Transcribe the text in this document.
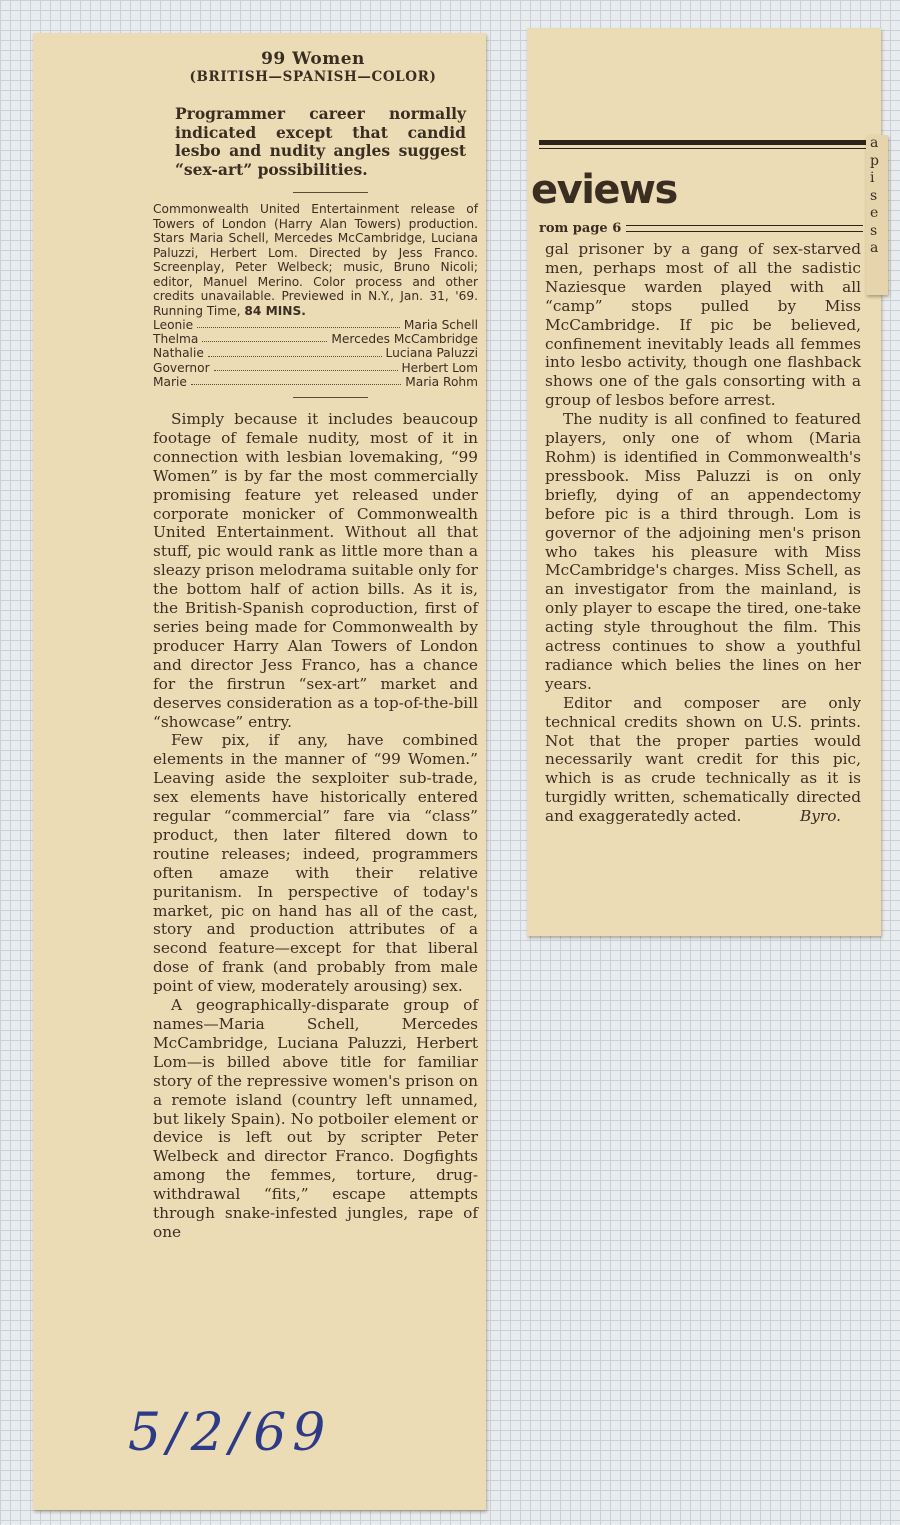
99 Women
(BRITISH—SPANISH—COLOR)
Programmer career normally indicated except that candid lesbo and nudity angles suggest “sex-art” possibilities.
Commonwealth United Entertainment release of Towers of London (Harry Alan Towers) production. Stars Maria Schell, Mercedes McCambridge, Luciana Paluzzi, Herbert Lom. Directed by Jess Franco. Screenplay, Peter Welbeck; music, Bruno Nicoli; editor, Manuel Merino. Color process and other credits unavailable. Previewed in N.Y., Jan. 31, '69. Running Time, 84 MINS.
Leonie	Maria Schell
Thelma	Mercedes McCambridge
Nathalie	Luciana Paluzzi
Governor	Herbert Lom
Marie	Maria Rohm

Simply because it includes beaucoup footage of female nudity, most of it in connection with lesbian lovemaking, “99 Women” is by far the most commercially promising feature yet released under corporate monicker of Commonwealth United Entertainment. Without all that stuff, pic would rank as little more than a sleazy prison melodrama suitable only for the bottom half of action bills. As it is, the British-Spanish coproduction, first of series being made for Commonwealth by producer Harry Alan Towers of London and director Jess Franco, has a chance for the firstrun “sex-art” market and deserves consideration as a top-of-the-bill “showcase” entry.

Few pix, if any, have combined elements in the manner of “99 Women.” Leaving aside the sexploiter sub-trade, sex elements have historically entered regular “commercial” fare via “class” product, then later filtered down to routine releases; indeed, programmers often amaze with their relative puritanism. In perspective of today's market, pic on hand has all of the cast, story and production attributes of a second feature—except for that liberal dose of frank (and probably from male point of view, moderately arousing) sex.

A geographically-disparate group of names—Maria Schell, Mercedes McCambridge, Luciana Paluzzi, Herbert Lom—is billed above title for familiar story of the repressive women's prison on a remote island (country left unnamed, but likely Spain). No potboiler element or device is left out by scripter Peter Welbeck and director Franco. Dogfights among the femmes, torture, drug-withdrawal “fits,” escape attempts through snake-infested jungles, rape of one

5/2/69
eviews
rom page 6

gal prisoner by a gang of sex-starved men, perhaps most of all the sadistic Naziesque warden played with all “camp” stops pulled by Miss McCambridge. If pic be believed, confinement inevitably leads all femmes into lesbo activity, though one flashback shows one of the gals consorting with a group of lesbos before arrest.

The nudity is all confined to featured players, only one of whom (Maria Rohm) is identified in Commonwealth's pressbook. Miss Paluzzi is on only briefly, dying of an appendectomy before pic is a third through. Lom is governor of the adjoining men's prison who takes his pleasure with Miss McCambridge's charges. Miss Schell, as an investigator from the mainland, is only player to escape the tired, one-take acting style throughout the film. This actress continues to show a youthful radiance which belies the lines on her years.

Editor and composer are only technical credits shown on U.S. prints. Not that the proper parties would necessarily want credit for this pic, which is as crude technically as it is turgidly written, schematically directed and exaggeratedly acted.	Byro.

a
p
i
s
e
s
a
